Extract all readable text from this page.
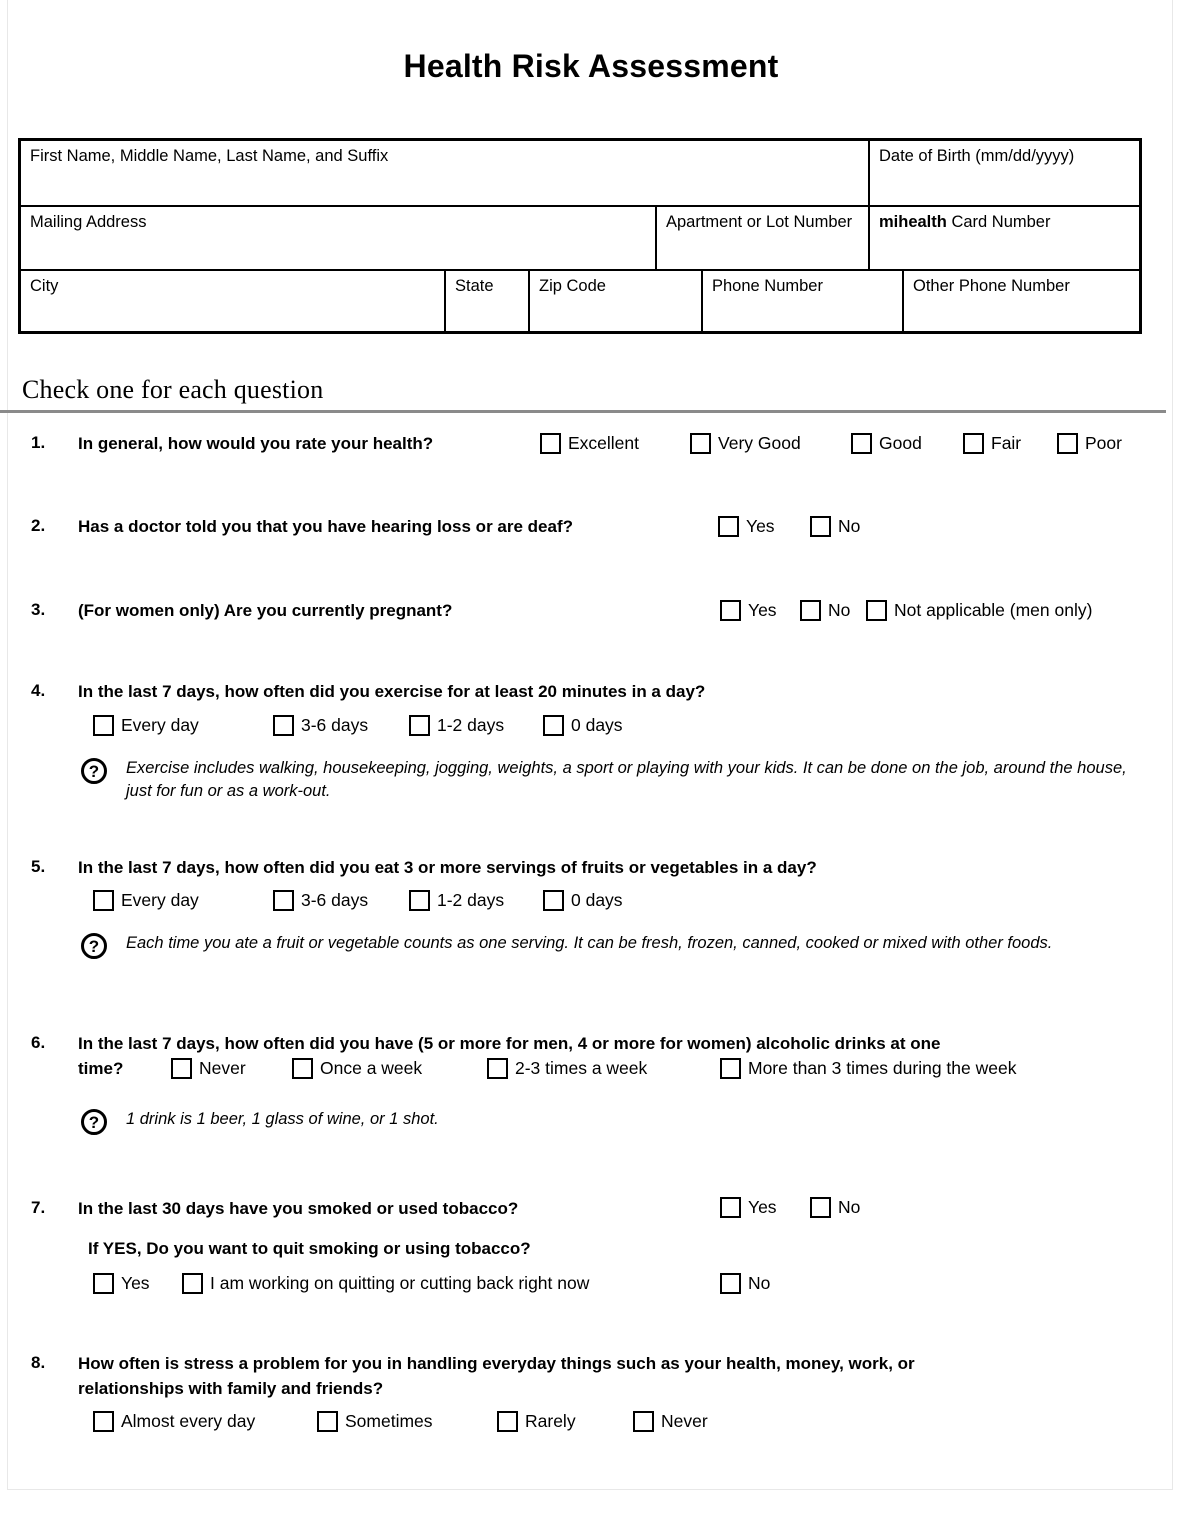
Health Risk Assessment
First Name, Middle Name, Last Name, and Suffix	Date of Birth (mm/dd/yyyy)
Mailing Address	Apartment or Lot Number	mihealth Card Number
City	State	Zip Code	Phone Number	Other Phone Number
Check one for each question
1. In general, how would you rate your health?	Excellent	Very Good	Good	Fair	Poor
2. Has a doctor told you that you have hearing loss or are deaf?	Yes	No
3. (For women only) Are you currently pregnant?	Yes	No Not applicable (men only)
4. In the last 7 days, how often did you exercise for at least 20 minutes in a day?
Every day	3-6 days	1-2 days	0 days
?	Exercise includes walking, housekeeping, jogging, weights, a sport or playing with your kids. It can be done on the job, around the house, just for fun or as a work-out.
5. In the last 7 days, how often did you eat 3 or more servings of fruits or vegetables in a day?
Every day	3-6 days	1-2 days	0 days
?	Each time you ate a fruit or vegetable counts as one serving. It can be fresh, frozen, canned, cooked or mixed with other foods.
6. In the last 7 days, how often did you have (5 or more for men, 4 or more for women) alcoholic drinks at one
time?	Never	Once a week	2-3 times a week	More than 3 times during the week
?	1 drink is 1 beer, 1 glass of wine, or 1 shot.
7. In the last 30 days have you smoked or used tobacco?	Yes	No
If YES, Do you want to quit smoking or using tobacco?
Yes	I am working on quitting or cutting back right now	No
8. How often is stress a problem for you in handling everyday things such as your health, money, work, or
relationships with family and friends?
Almost every day	Sometimes	Rarely	Never
